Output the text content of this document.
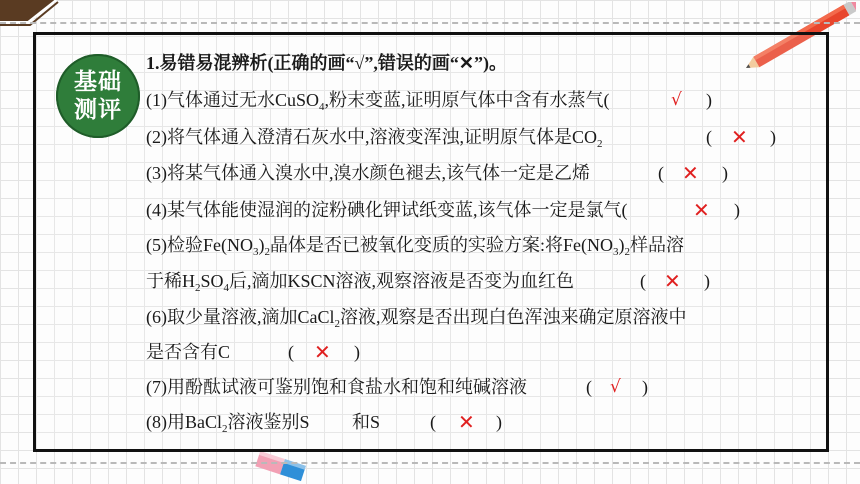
基础
测评
1.易错易混辨析(正确的画“√”,错误的画“✕”)。
(1)气体通过无水CuSO$_4$,粉末变蓝,证明原气体中含有水蒸气(	√ )
(2)将气体通入澄清石灰水中,溶液变浑浊,证明原气体是$CO_2$	( ✕ )
(3)将某气体通入溴水中,溴水颜色褪去,该气体一定是乙烯	( ✕ )
(4)某气体能使湿润的淀粉碘化钾试纸变蓝,该气体一定是氯气(	✕ )
(5)检验$Fe(NO_3)_2$晶体是否已被氧化变质的实验方案:将$Fe(NO_3)_2$样品溶
于稀$H_2SO_4$后,滴加KSCN溶液,观察溶液是否变为血红色	( ✕ )
(6)取少量溶液,滴加CaCl$_2$溶液,观察是否出现白色浑浊来确定原溶液中
是否含有C	( ✕ )
(7)用酚酞试液可鉴别饱和食盐水和饱和纯碱溶液	( √ )
(8)用BaCl$_2$溶液鉴别S 和S	( ✕ )
